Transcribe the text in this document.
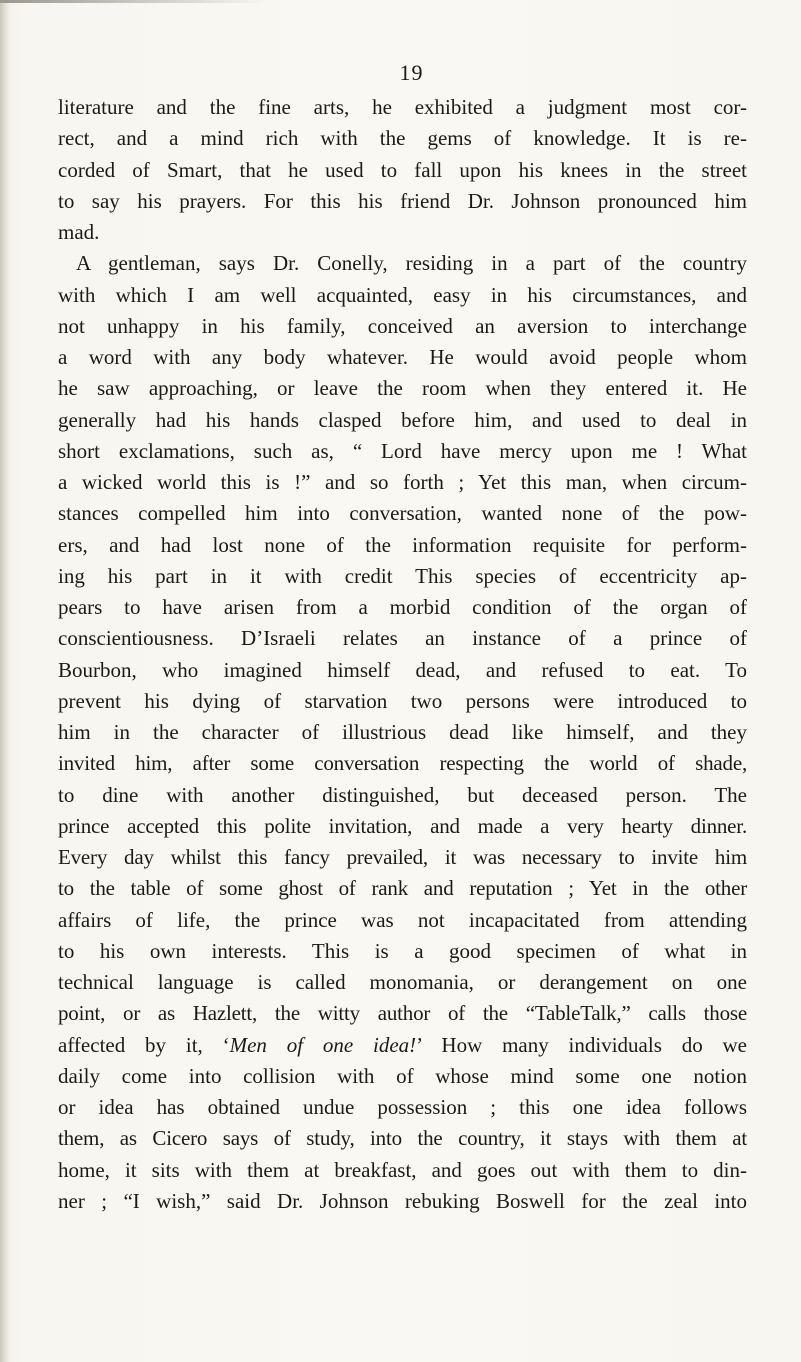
19
literature and the fine arts, he exhibited a judgment most cor-
rect, and a mind rich with the gems of knowledge. It is re-
corded of Smart, that he used to fall upon his knees in the street
to say his prayers. For this his friend Dr. Johnson pronounced him
mad.
A gentleman, says Dr. Conelly, residing in a part of the country
with which I am well acquainted, easy in his circumstances, and
not unhappy in his family, conceived an aversion to interchange
a word with any body whatever. He would avoid people whom
he saw approaching, or leave the room when they entered it. He
generally had his hands clasped before him, and used to deal in
short exclamations, such as, “ Lord have mercy upon me ! What
a wicked world this is !” and so forth ; Yet this man, when circum-
stances compelled him into conversation, wanted none of the pow-
ers, and had lost none of the information requisite for perform-
ing his part in it with credit This species of eccentricity ap-
pears to have arisen from a morbid condition of the organ of
conscientiousness. D’Israeli relates an instance of a prince of
Bourbon, who imagined himself dead, and refused to eat. To
prevent his dying of starvation two persons were introduced to
him in the character of illustrious dead like himself, and they
invited him, after some conversation respecting the world of shade,
to dine with another distinguished, but deceased person. The
prince accepted this polite invitation, and made a very hearty dinner.
Every day whilst this fancy prevailed, it was necessary to invite him
to the table of some ghost of rank and reputation ; Yet in the other
affairs of life, the prince was not incapacitated from attending
to his own interests. This is a good specimen of what in
technical language is called monomania, or derangement on one
point, or as Hazlett, the witty author of the “TableTalk,” calls those
affected by it, ‘Men of one idea!’ How many individuals do we
daily come into collision with of whose mind some one notion
or idea has obtained undue possession ; this one idea follows
them, as Cicero says of study, into the country, it stays with them at
home, it sits with them at breakfast, and goes out with them to din-
ner ; “I wish,” said Dr. Johnson rebuking Boswell for the zeal into
